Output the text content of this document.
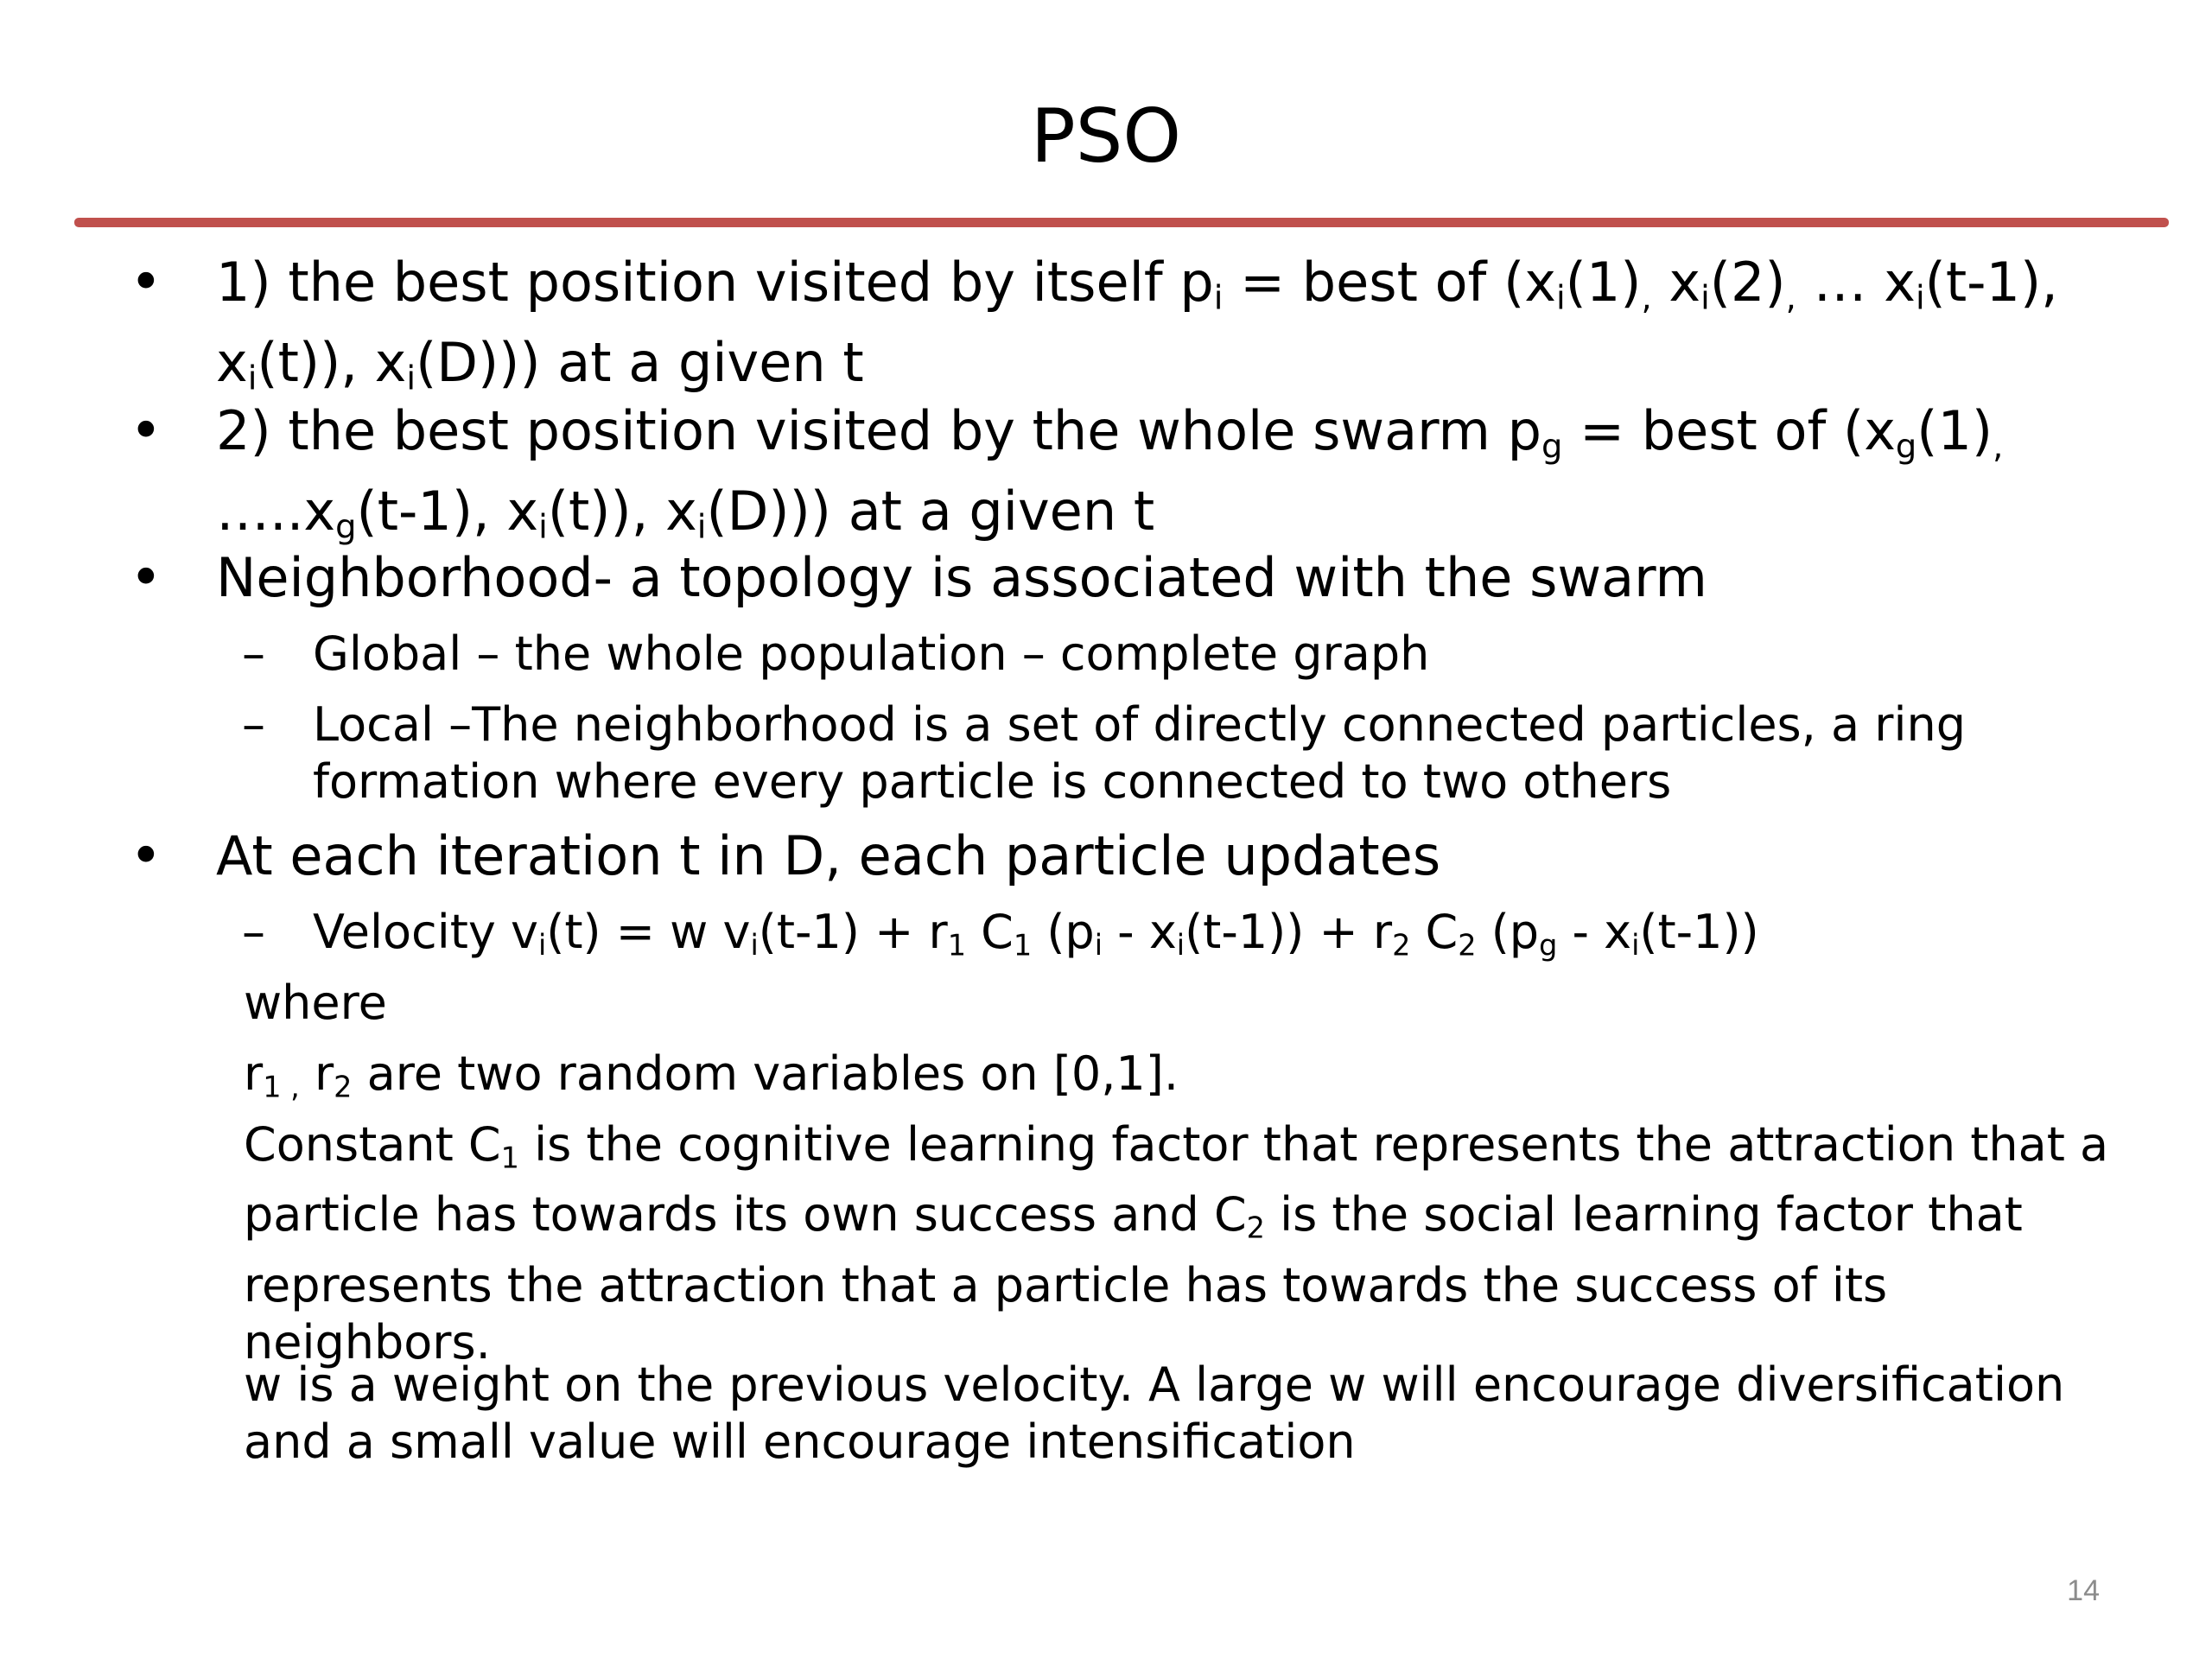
PSO
• 1) the best position visited by itself $p_i$ = best of ($x_i(1)_,$ $x_i(2)_,$ … $x_i(t-1)$, $x_i(t)$), $x_i(D)$)) at a given t
• 2) the best position visited by the whole swarm $p_g$ = best of ($x_g(1)_,$ $\dots..x_g(t-1)$, $x_i(t)$), $x_i(D)$)) at a given t
• Neighborhood- a topology is associated with the swarm
– Global – the whole population – complete graph
– Local –The neighborhood is a set of directly connected particles, a ring formation where every particle is connected to two others
• At each iteration t in D, each particle updates
– Velocity $v_i(t) = w$ $v_i(t-1) + r_1$ $C_1$ $(p_i - x_i(t-1)) + r_2$ $C_2$ $(p_g - x_i(t-1))$
where
$r_{1 ,}$ $r_2$ are two random variables on [0,1].
Constant $C_1$ is the cognitive learning factor that represents the attraction that a particle has towards its own success and $C_2$ is the social learning factor that represents the attraction that a particle has towards the success of its neighbors.
w is a weight on the previous velocity. A large w will encourage diversification and a small value will encourage intensification
14
